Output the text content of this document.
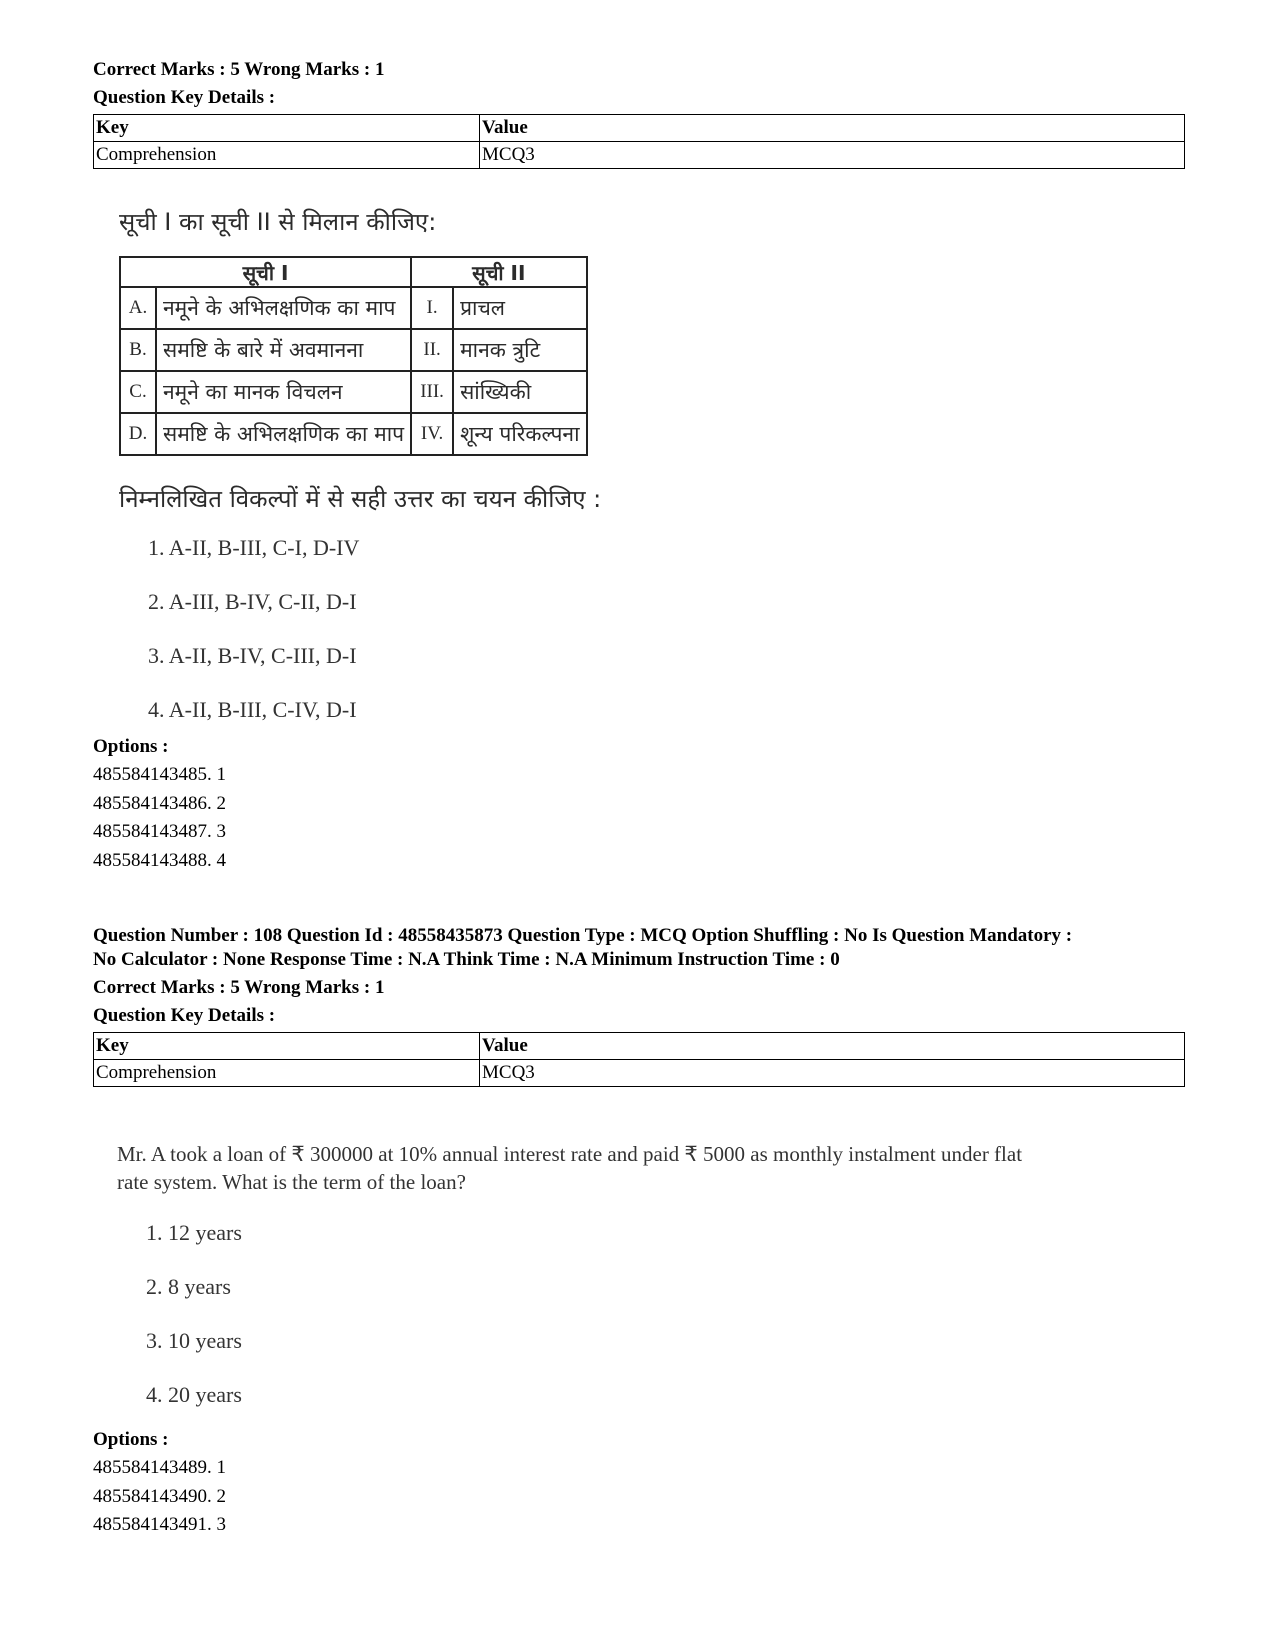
Correct Marks : 5 Wrong Marks : 1

Question Key Details :

Key	Value
Comprehension	MCQ3

सूची I का सूची II से मिलान कीजिए:

सूची I		सूची II	
A.	नमूने के अभिलक्षणिक का माप	I.	प्राचल
B.	समष्टि के बारे में अवमानना	II.	मानक त्रुटि
C.	नमूने का मानक विचलन	III.	सांख्यिकी
D.	समष्टि के अभिलक्षणिक का माप	IV.	शून्य परिकल्पना

निम्नलिखित विकल्पों में से सही उत्तर का चयन कीजिए :

1. A-II, B-III, C-I, D-IV
2. A-III, B-IV, C-II, D-I
3. A-II, B-IV, C-III, D-I
4. A-II, B-III, C-IV, D-I

Options :

485584143485. 1

485584143486. 2

485584143487. 3

485584143488. 4

Question Number : 108 Question Id : 48558435873 Question Type : MCQ Option Shuffling : No Is Question Mandatory :

No Calculator : None Response Time : N.A Think Time : N.A Minimum Instruction Time : 0

Correct Marks : 5 Wrong Marks : 1

Question Key Details :

Key	Value
Comprehension	MCQ3

Mr. A took a loan of ₹ 300000 at 10% annual interest rate and paid ₹ 5000 as monthly instalment under flat

rate system. What is the term of the loan?

1. 12 years
2. 8 years
3. 10 years
4. 20 years

Options :

485584143489. 1

485584143490. 2

485584143491. 3
